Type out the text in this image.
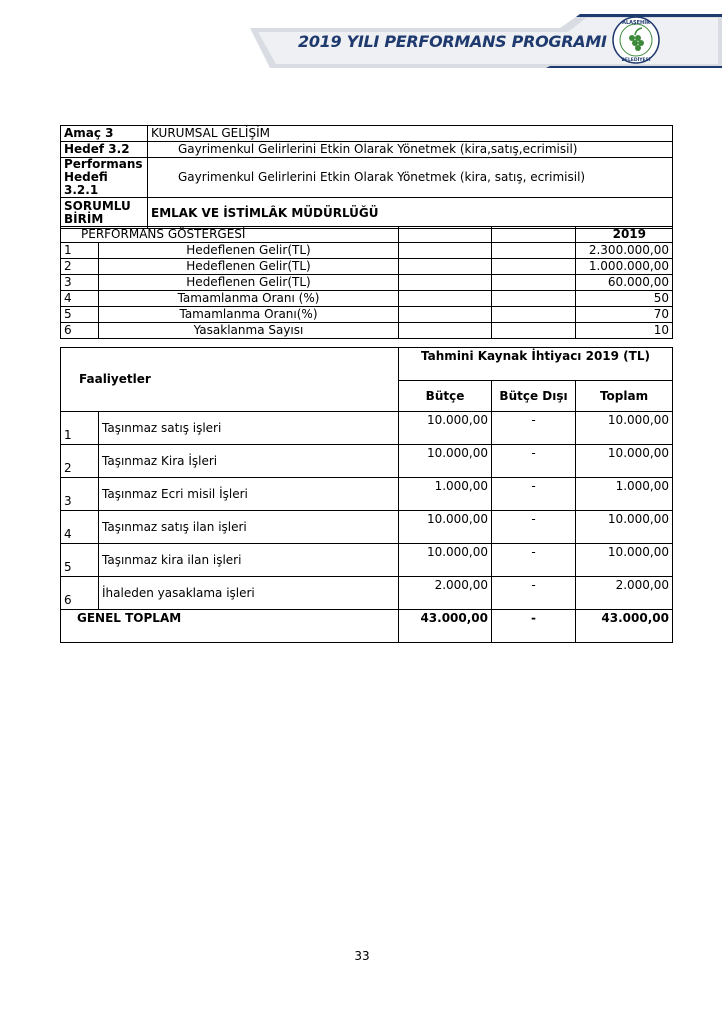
2019 YILI PERFORMANS PROGRAMI
ALAŞEHİR
BELEDİYESİ
Amaç 3	KURUMSAL GELİŞİM
Hedef 3.2	Gayrimenkul Gelirlerini Etkin Olarak Yönetmek (kira,satış,ecrimisil)

Performans
Hedefi 3.2.1	Gayrimenkul Gelirlerini Etkin Olarak Yönetmek (kira, satış, ecrimisil)

SORUMLU
BİRİM	EMLAK VE İSTİMLÂK MÜDÜRLÜĞÜ
PERFORMANS GÖSTERGESİ				2019
1	Hedeflenen Gelir(TL)			2.300.000,00
2	Hedeflenen Gelir(TL)			1.000.000,00
3	Hedeflenen Gelir(TL)			60.000,00
4	Tamamlanma Oranı (%)			50
5	Tamamlanma Oranı(%)			70
6	Yasaklanma Sayısı			10
Faaliyetler		Tahmini Kaynak İhtiyacı 2019 (TL)		
		Bütçe	Bütçe Dışı	Toplam
1	Taşınmaz satış işleri	10.000,00	-	10.000,00
2	Taşınmaz Kira İşleri	10.000,00	-	10.000,00
3	Taşınmaz Ecri misil İşleri	1.000,00	-	1.000,00
4	Taşınmaz satış ilan işleri	10.000,00	-	10.000,00
5	Taşınmaz kira ilan işleri	10.000,00	-	10.000,00
6	İhaleden yasaklama işleri	2.000,00	-	2.000,00
GENEL TOPLAM		43.000,00	-	43.000,00
33
